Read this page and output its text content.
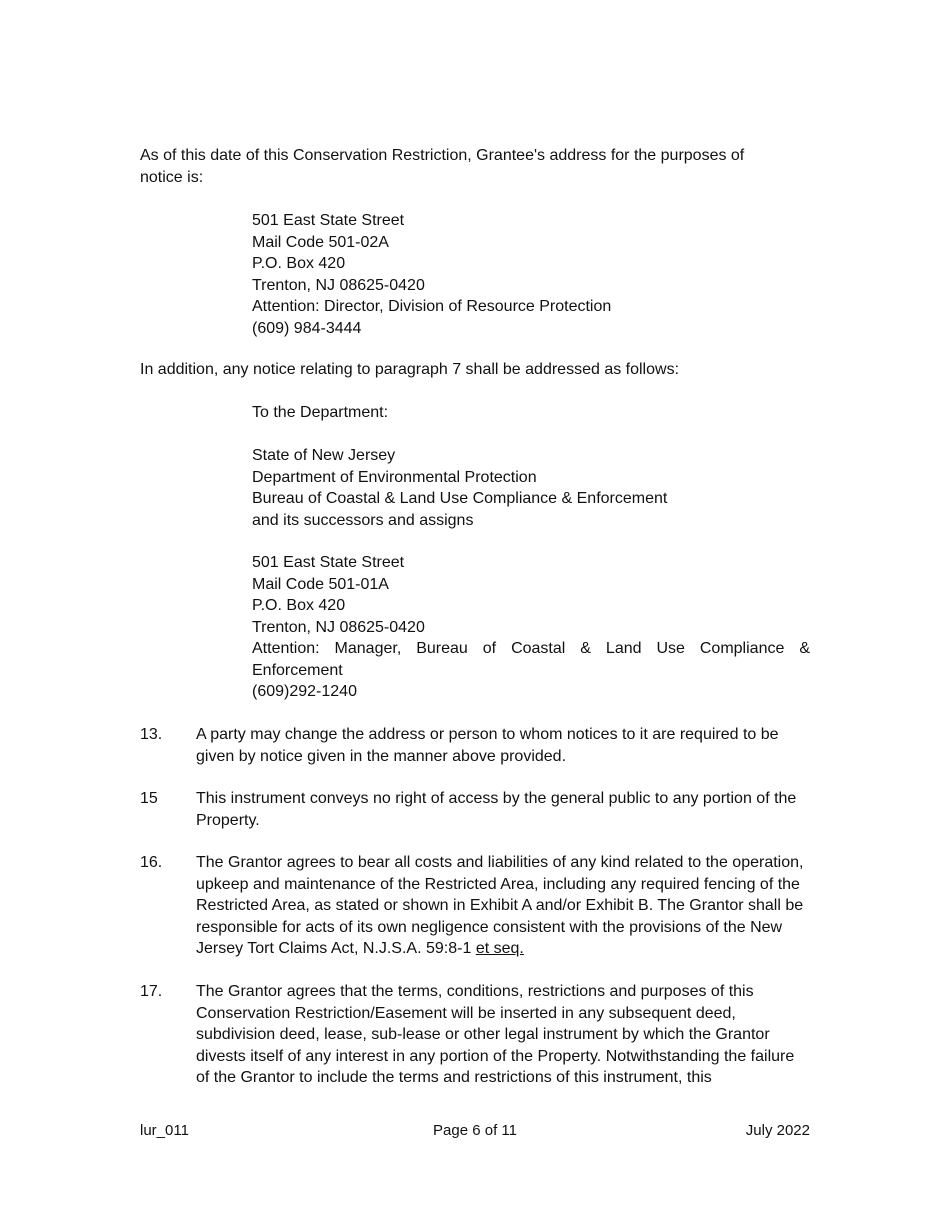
As of this date of this Conservation Restriction, Grantee's address for the purposes of
notice is:

501 East State Street
Mail Code 501-02A
P.O. Box 420
Trenton, NJ 08625-0420
Attention: Director, Division of Resource Protection
(609) 984-3444

In addition, any notice relating to paragraph 7 shall be addressed as follows:

To the Department:
State of New Jersey
Department of Environmental Protection
Bureau of Coastal & Land Use Compliance & Enforcement
and its successors and assigns
501 East State Street
Mail Code 501-01A
P.O. Box 420
Trenton, NJ 08625-0420
Attention: Manager, Bureau of Coastal & Land Use Compliance & Enforcement
(609)292-1240
13.	A party may change the address or person to whom notices to it are required to be given by notice given in the manner above provided.

15	This instrument conveys no right of access by the general public to any portion of the Property.

16.	The Grantor agrees to bear all costs and liabilities of any kind related to the operation, upkeep and maintenance of the Restricted Area, including any required fencing of the Restricted Area, as stated or shown in Exhibit A and/or Exhibit B. The Grantor shall be responsible for acts of its own negligence consistent with the provisions of the New Jersey Tort Claims Act, N.J.S.A. 59:8-1 et seq.

17.	The Grantor agrees that the terms, conditions, restrictions and purposes of this Conservation Restriction/Easement will be inserted in any subsequent deed, subdivision deed, lease, sub-lease or other legal instrument by which the Grantor divests itself of any interest in any portion of the Property. Notwithstanding the failure of the Grantor to include the terms and restrictions of this instrument, this

lur_011	Page 6 of 11	July 2022
